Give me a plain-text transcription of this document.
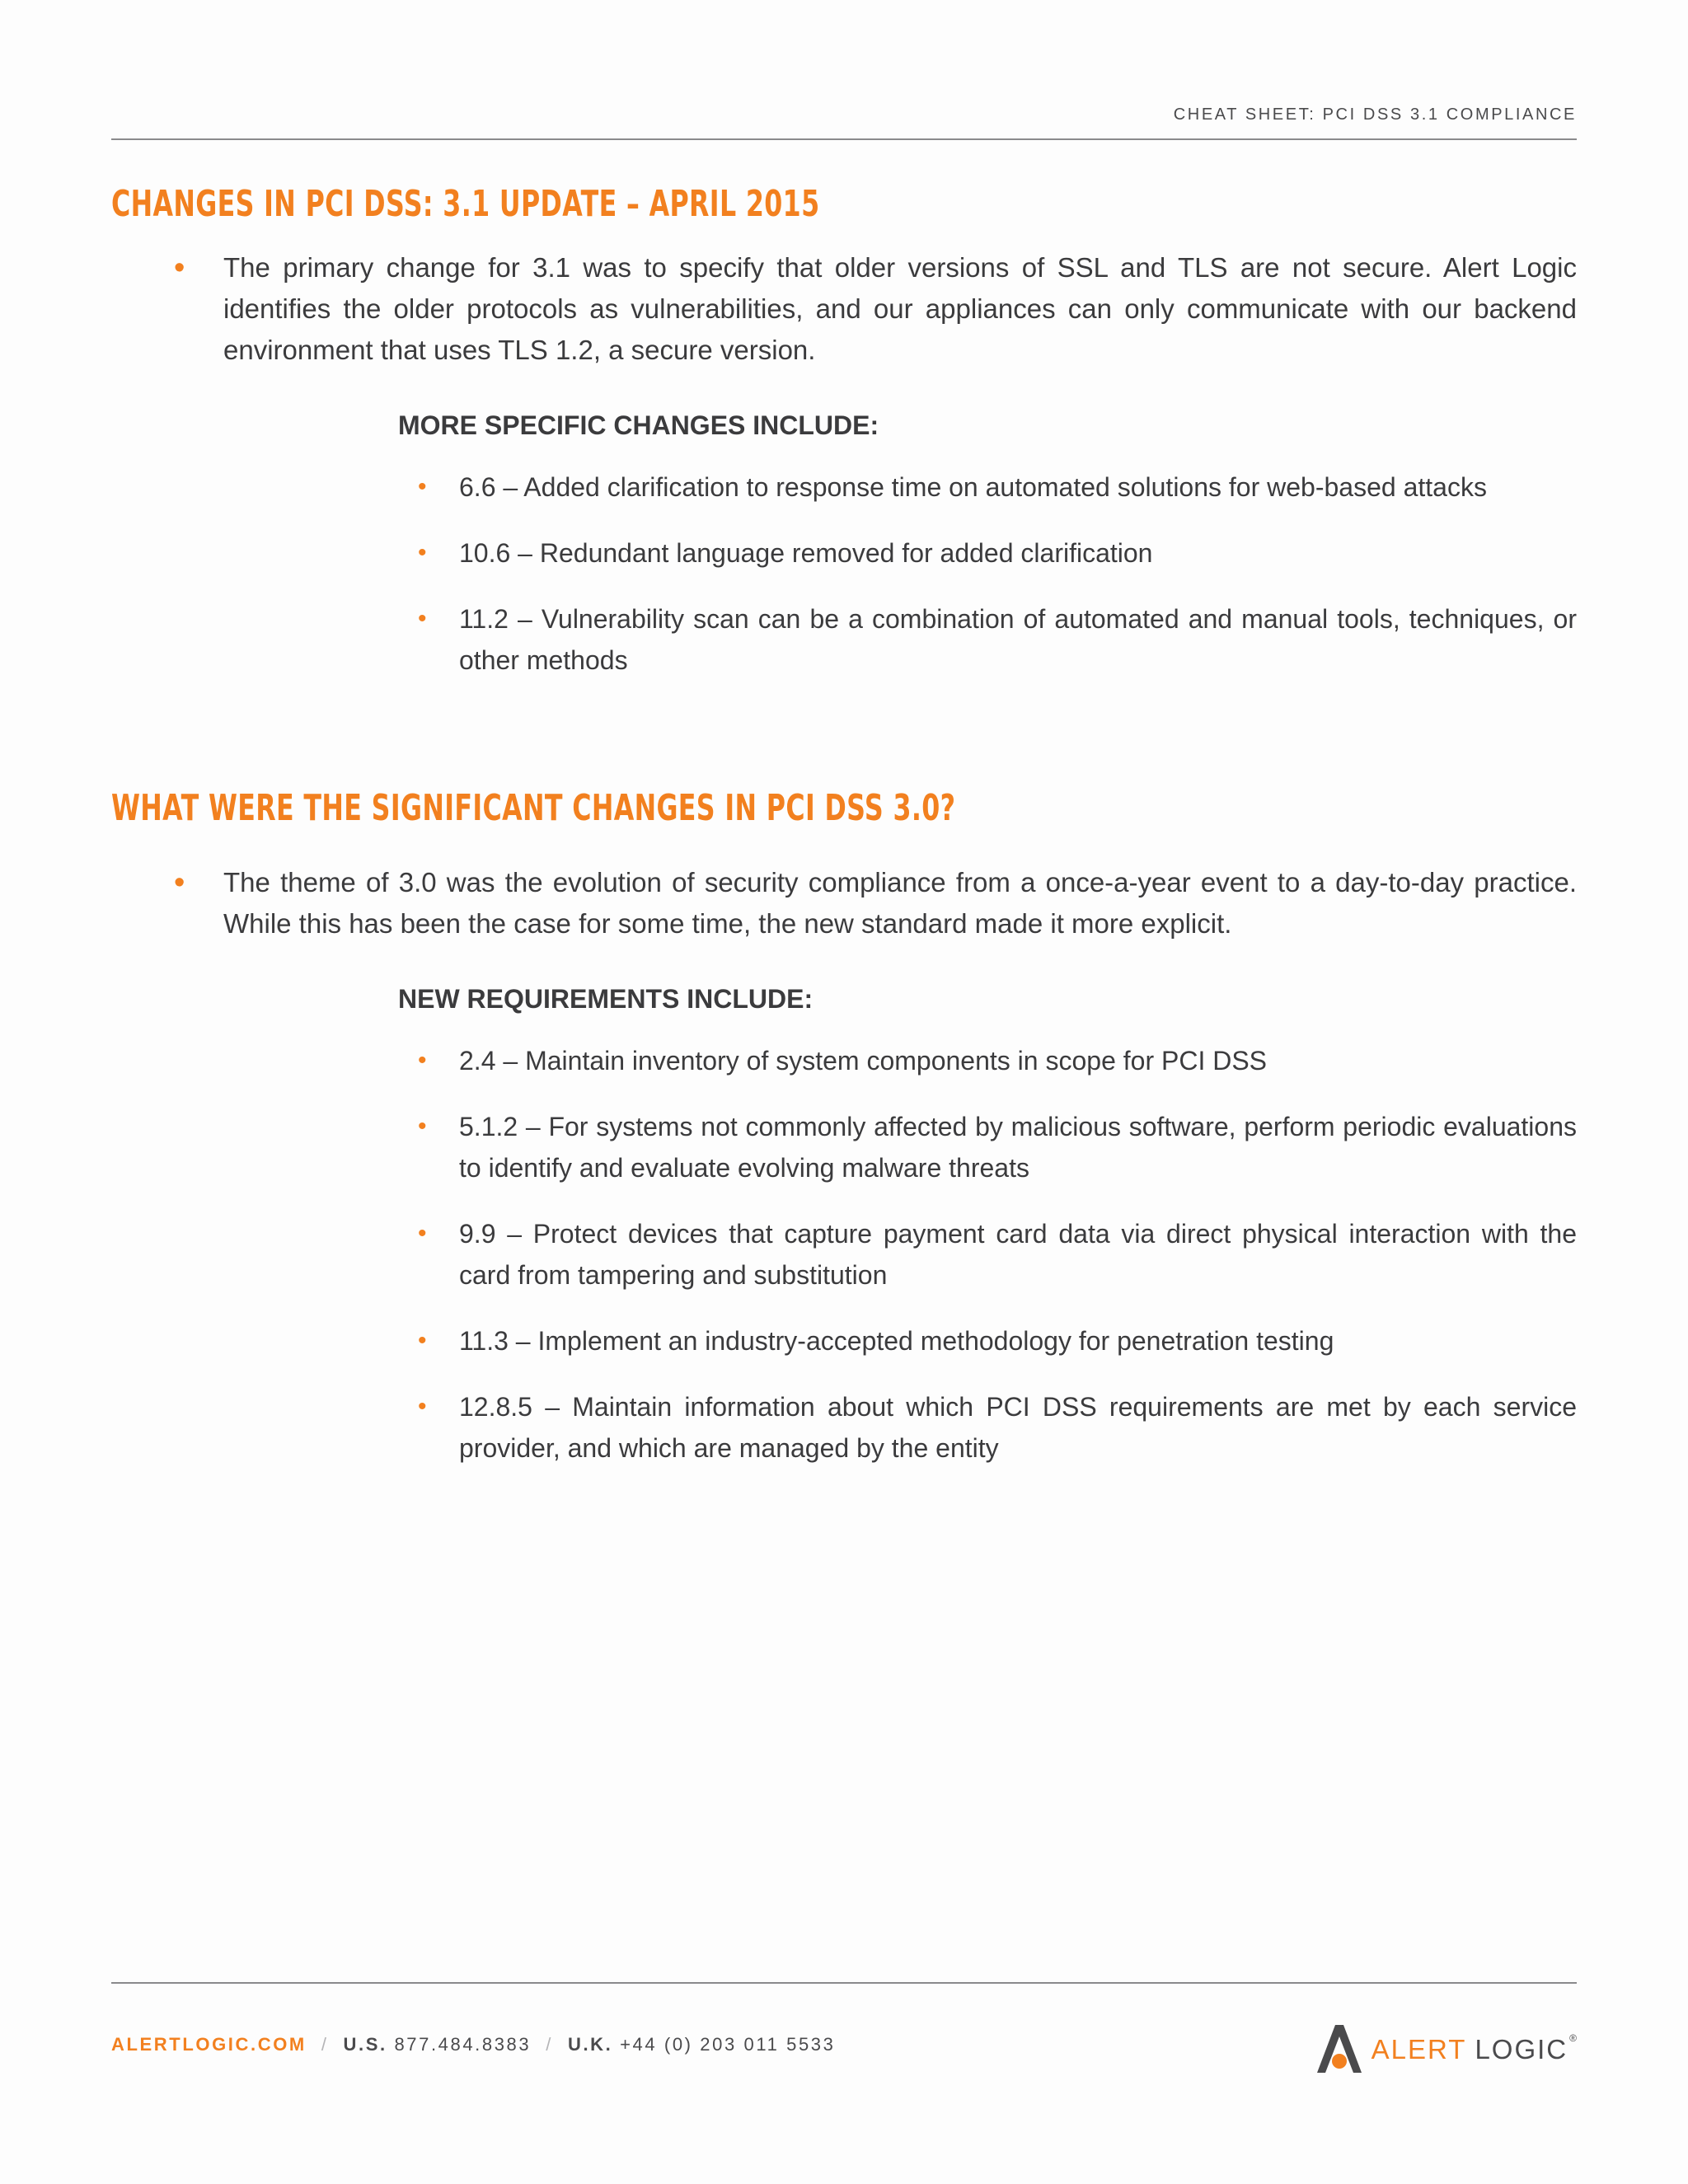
CHEAT SHEET: PCI DSS 3.1 COMPLIANCE
CHANGES IN PCI DSS: 3.1 UPDATE – APRIL 2015
• The primary change for 3.1 was to specify that older versions of SSL and TLS are not secure. Alert Logic identifies the older protocols as vulnerabilities, and our appliances can only communicate with our backend environment that uses TLS 1.2, a secure version.
MORE SPECIFIC CHANGES INCLUDE:
• 6.6 – Added clarification to response time on automated solutions for web-based attacks
• 10.6 – Redundant language removed for added clarification
• 11.2 – Vulnerability scan can be a combination of automated and manual tools, techniques, or other methods
WHAT WERE THE SIGNIFICANT CHANGES IN PCI DSS 3.0?
• The theme of 3.0 was the evolution of security compliance from a once-a-year event to a day-to-day practice. While this has been the case for some time, the new standard made it more explicit.
NEW REQUIREMENTS INCLUDE:
• 2.4 – Maintain inventory of system components in scope for PCI DSS
• 5.1.2 – For systems not commonly affected by malicious software, perform periodic evaluations to identify and evaluate evolving malware threats
• 9.9 – Protect devices that capture payment card data via direct physical interaction with the card from tampering and substitution
• 11.3 – Implement an industry-accepted methodology for penetration testing
• 12.8.5 – Maintain information about which PCI DSS requirements are met by each service provider, and which are managed by the entity
ALERTLOGIC.COM / U.S. 877.484.8383 / U.K. +44 (0) 203 011 5533	ALERT LOGIC ®
